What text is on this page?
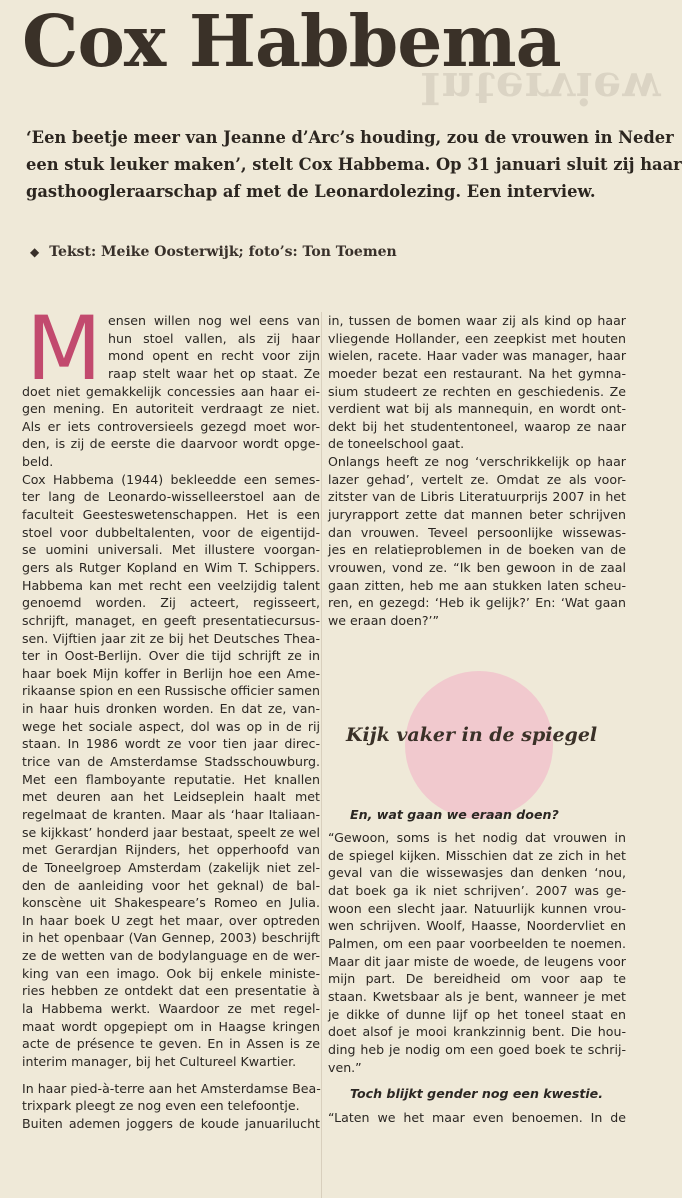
Interview
Cox Habbema
‘Een beetje meer van Jeanne d’Arc’s houding, zou de vrouwen in Neder
een stuk leuker maken’, stelt Cox Habbema. Op 31 januari sluit zij haar
gasthoogleraarschap af met de Leonardolezing. Een interview.
◆ Tekst: Meike Oosterwijk; foto’s: Ton Toemen
M ensen willen nog wel eens van
hun stoel vallen, als zij haar
mond opent en recht voor zijn
raap stelt waar het op staat. Ze
doet niet gemakkelijk concessies aan haar ei-
gen mening. En autoriteit verdraagt ze niet.
Als er iets controversieels gezegd moet wor-
den, is zij de eerste die daarvoor wordt opge-
beld.
Cox Habbema (1944) bekleedde een semes-
ter lang de Leonardo-wisselleerstoel aan de
faculteit Geesteswetenschappen. Het is een
stoel voor dubbeltalenten, voor de eigentijd-
se uomini universali. Met illustere voorgan-
gers als Rutger Kopland en Wim T. Schippers.
Habbema kan met recht een veelzijdig talent
genoemd worden. Zij acteert, regisseert,
schrijft, managet, en geeft presentatiecursus-
sen. Vijftien jaar zit ze bij het Deutsches Thea-
ter in Oost-Berlijn. Over die tijd schrijft ze in
haar boek Mijn koffer in Berlijn hoe een Ame-
rikaanse spion en een Russische officier samen
in haar huis dronken worden. En dat ze, van-
wege het sociale aspect, dol was op in de rij
staan. In 1986 wordt ze voor tien jaar direc-
trice van de Amsterdamse Stadsschouwburg.
Met een flamboyante reputatie. Het knallen
met deuren aan het Leidseplein haalt met
regelmaat de kranten. Maar als ‘haar Italiaan-
se kijkkast’ honderd jaar bestaat, speelt ze wel
met Gerardjan Rijnders, het opperhoofd van
de Toneelgroep Amsterdam (zakelijk niet zel-
den de aanleiding voor het geknal) de bal-
konscène uit Shakespeare’s Romeo en Julia.
In haar boek U zegt het maar, over optreden
in het openbaar (Van Gennep, 2003) beschrijft
ze de wetten van de bodylanguage en de wer-
king van een imago. Ook bij enkele ministe-
ries hebben ze ontdekt dat een presentatie à
la Habbema werkt. Waardoor ze met regel-
maat wordt opgepiept om in Haagse kringen
acte de présence te geven. En in Assen is ze
interim manager, bij het Cultureel Kwartier.
In haar pied-à-terre aan het Amsterdamse Bea-
trixpark pleegt ze nog even een telefoontje.
Buiten ademen joggers de koude januarilucht
in, tussen de bomen waar zij als kind op haar
vliegende Hollander, een zeepkist met houten
wielen, racete. Haar vader was manager, haar
moeder bezat een restaurant. Na het gymna-
sium studeert ze rechten en geschiedenis. Ze
verdient wat bij als mannequin, en wordt ont-
dekt bij het studententoneel, waarop ze naar
de toneelschool gaat.
Onlangs heeft ze nog ‘verschrikkelijk op haar
lazer gehad’, vertelt ze. Omdat ze als voor-
zitster van de Libris Literatuurprijs 2007 in het
juryrapport zette dat mannen beter schrijven
dan vrouwen. Teveel persoonlijke wissewas-
jes en relatieproblemen in de boeken van de
vrouwen, vond ze. “Ik ben gewoon in de zaal
gaan zitten, heb me aan stukken laten scheu-
ren, en gezegd: ‘Heb ik gelijk?’ En: ‘Wat gaan
we eraan doen?’”
En, wat gaan we eraan doen?
“Gewoon, soms is het nodig dat vrouwen in
de spiegel kijken. Misschien dat ze zich in het
geval van die wissewasjes dan denken ‘nou,
dat boek ga ik niet schrijven’. 2007 was ge-
woon een slecht jaar. Natuurlijk kunnen vrou-
wen schrijven. Woolf, Haasse, Noordervliet en
Palmen, om een paar voorbeelden te noemen.
Maar dit jaar miste de woede, de leugens voor
mijn part. De bereidheid om voor aap te
staan. Kwetsbaar als je bent, wanneer je met
je dikke of dunne lijf op het toneel staat en
doet alsof je mooi krankzinnig bent. Die hou-
ding heb je nodig om een goed boek te schrij-
ven.”
Toch blijkt gender nog een kwestie.
“Laten we het maar even benoemen. In de
Kijk vaker in de spiegel
